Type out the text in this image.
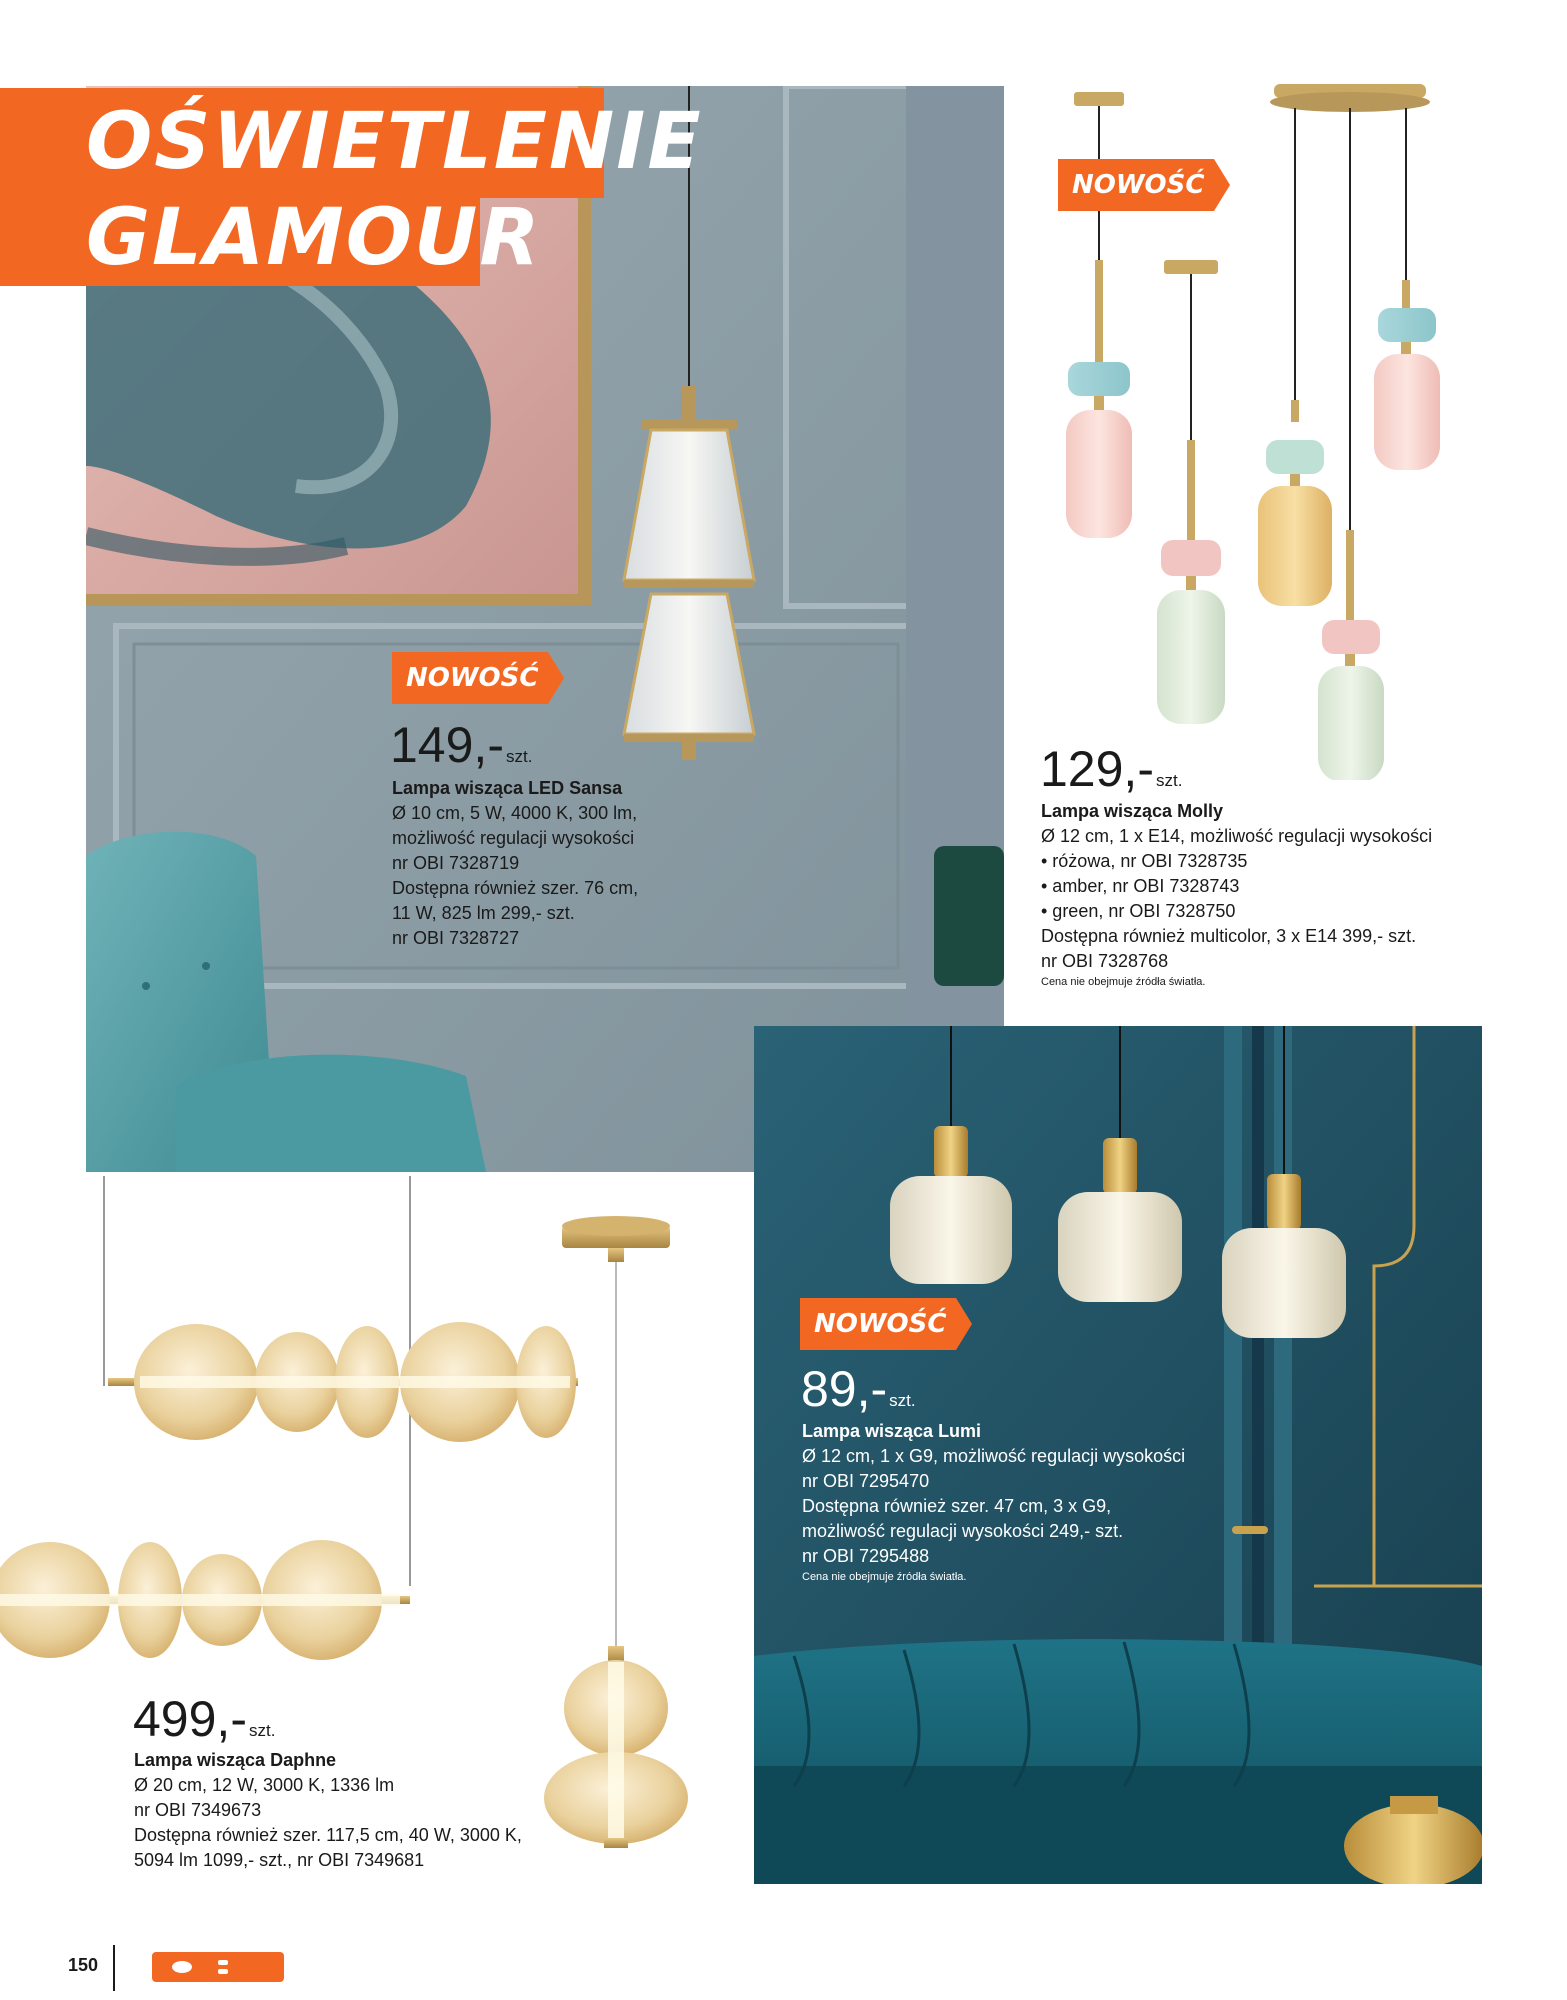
OŚWIETLENIE
GLAMOUR
NOWOŚĆ
149,- szt.
Lampa wisząca LED Sansa
Ø 10 cm, 5 W, 4000 K, 300 lm,
możliwość regulacji wysokości
nr OBI 7328719
Dostępna również szer. 76 cm,
11 W, 825 lm 299,- szt.
nr OBI 7328727
NOWOŚĆ
129,- szt.
Lampa wisząca Molly
Ø 12 cm, 1 x E14, możliwość regulacji wysokości
• różowa, nr OBI 7328735
• amber, nr OBI 7328743
• green, nr OBI 7328750
Dostępna również multicolor, 3 x E14 399,- szt.
nr OBI 7328768
Cena nie obejmuje źródła światła.
NOWOŚĆ
89,- szt.
Lampa wisząca Lumi
Ø 12 cm, 1 x G9, możliwość regulacji wysokości
nr OBI 7295470
Dostępna również szer. 47 cm, 3 x G9,
możliwość regulacji wysokości 249,- szt.
nr OBI 7295488
Cena nie obejmuje źródła światła.
499,- szt.
Lampa wisząca Daphne
Ø 20 cm, 12 W, 3000 K, 1336 lm
nr OBI 7349673
Dostępna również szer. 117,5 cm, 40 W, 3000 K,
5094 lm 1099,- szt., nr OBI 7349681
150
